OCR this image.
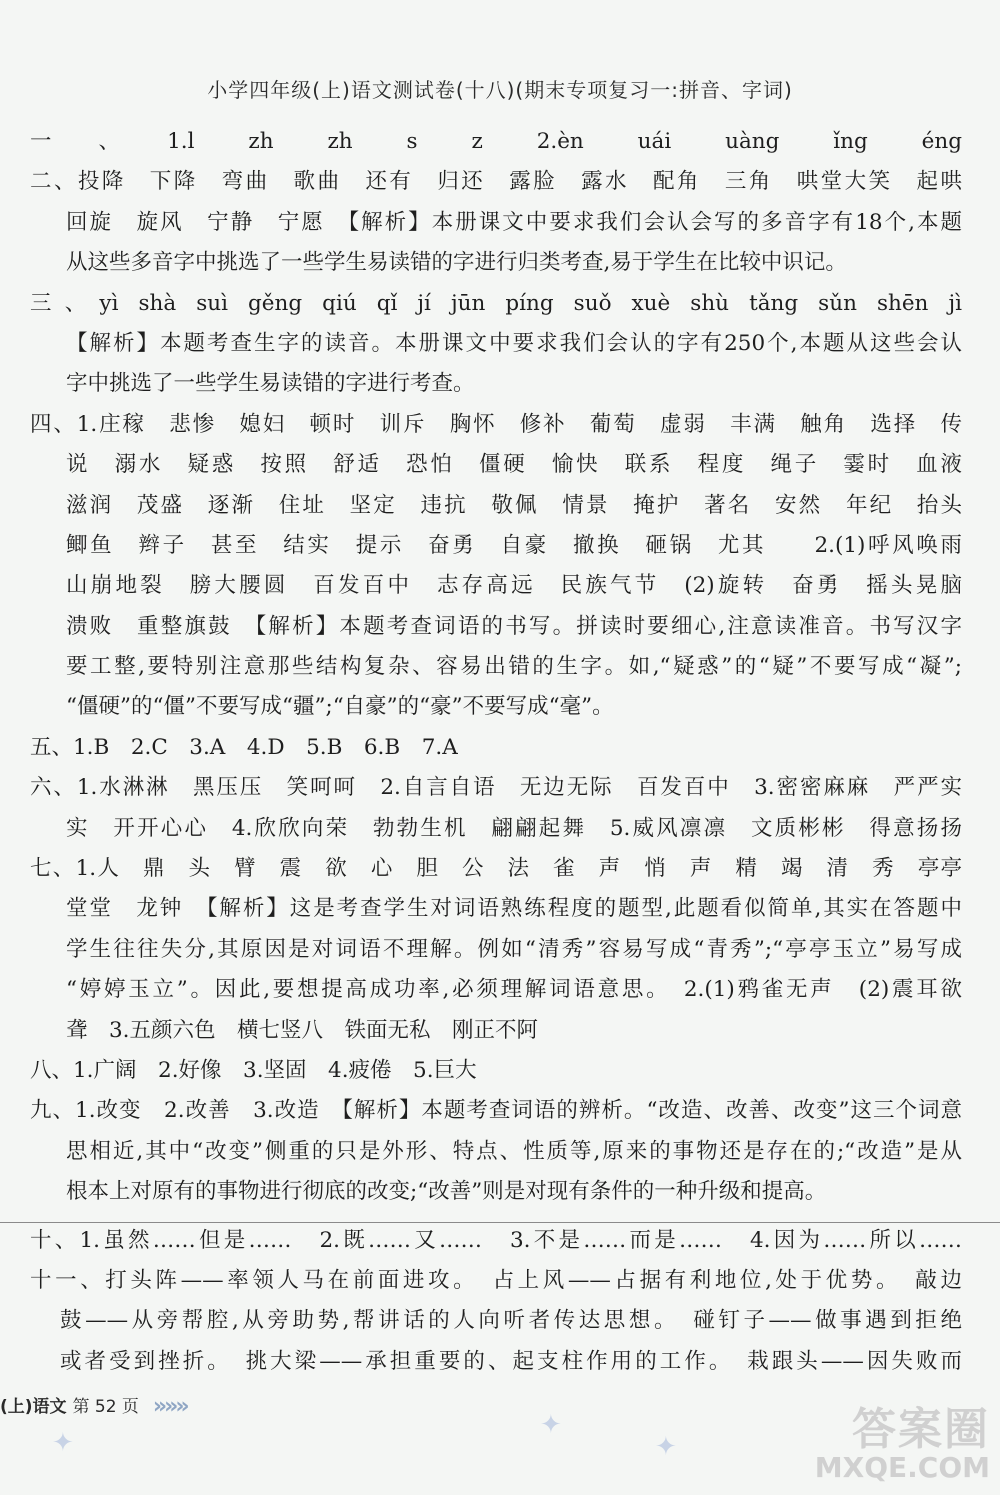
小学四年级(上)语文测试卷(十八)(期末专项复习一:拼音、字词)
一、1.l zh zh s z 2.èn uái uàng ǐng éng
二、投降　下降　弯曲　歌曲　还有　归还　露脸　露水　配角　三角　哄堂大笑　起哄
回旋　旋风　宁静　宁愿　【解析】本册课文中要求我们会认会写的多音字有18个,本题
从这些多音字中挑选了一些学生易读错的字进行归类考查,易于学生在比较中识记。
三、yì shà suì gěng qiú qǐ jí jūn píng suǒ xuè shù tǎng sǔn shēn jì
【解析】本题考查生字的读音。本册课文中要求我们会认的字有250个,本题从这些会认
字中挑选了一些学生易读错的字进行考查。
四、1.庄稼　悲惨　媳妇　顿时　训斥　胸怀　修补　葡萄　虚弱　丰满　触角　选择　传
说　溺水　疑惑　按照　舒适　恐怕　僵硬　愉快　联系　程度　绳子　霎时　血液
滋润　茂盛　逐渐　住址　坚定　违抗　敬佩　情景　掩护　著名　安然　年纪　抬头
鲫鱼　辫子　甚至　结实　提示　奋勇　自豪　撤换　砸锅　尤其　　2.(1)呼风唤雨
山崩地裂　膀大腰圆　百发百中　志存高远　民族气节　(2)旋转　奋勇　摇头晃脑
溃败　重整旗鼓　【解析】本题考查词语的书写。拼读时要细心,注意读准音。书写汉字
要工整,要特别注意那些结构复杂、容易出错的生字。如,“疑惑”的“疑”不要写成“凝”;
“僵硬”的“僵”不要写成“疆”;“自豪”的“豪”不要写成“毫”。
五、1.B　2.C　3.A　4.D　5.B　6.B　7.A
六、1.水淋淋　黑压压　笑呵呵　2.自言自语　无边无际　百发百中　3.密密麻麻　严严实
实　开开心心　4.欣欣向荣　勃勃生机　翩翩起舞　5.威风凛凛　文质彬彬　得意扬扬
七、1.人　鼎　头　臂　震　欲　心　胆　公　法　雀　声　悄　声　精　竭　清　秀　亭亭
堂堂　龙钟　【解析】这是考查学生对词语熟练程度的题型,此题看似简单,其实在答题中
学生往往失分,其原因是对词语不理解。例如“清秀”容易写成“青秀”;“亭亭玉立”易写成
“婷婷玉立”。因此,要想提高成功率,必须理解词语意思。　2.(1)鸦雀无声　(2)震耳欲
聋　3.五颜六色　横七竖八　铁面无私　刚正不阿
八、1.广阔　2.好像　3.坚固　4.疲倦　5.巨大
九、1.改变　2.改善　3.改造　【解析】本题考查词语的辨析。“改造、改善、改变”这三个词意
思相近,其中“改变”侧重的只是外形、特点、性质等,原来的事物还是存在的;“改造”是从
根本上对原有的事物进行彻底的改变;“改善”则是对现有条件的一种升级和提高。
十、1.虽然……但是……　2.既……又……　3.不是……而是……　4.因为……所以……
十一、打头阵——率领人马在前面进攻。　占上风——占据有利地位,处于优势。　敲边
鼓——从旁帮腔,从旁助势,帮讲话的人向听者传达思想。　碰钉子——做事遇到拒绝
或者受到挫折。　挑大梁——承担重要的、起支柱作用的工作。　栽跟头——因失败而
(上)语文
第 52 页 »»»
✦
✦
✦	答案圈
MXQE.COM
